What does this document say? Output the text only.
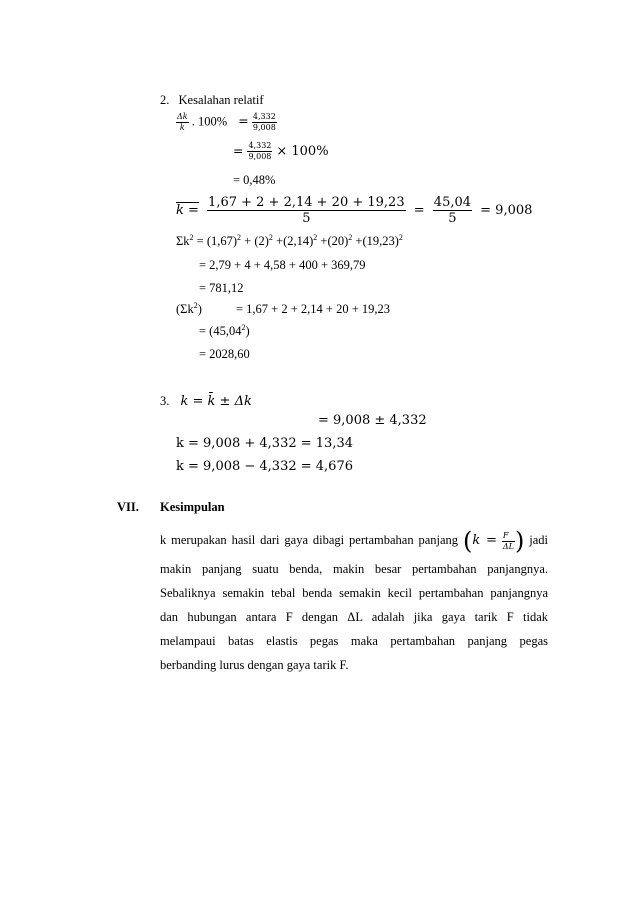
2. Kesalahan relatif
$\frac{\Delta k}{k}$ . $100\% = \frac{4,332}{9,008}$
= $\frac{4,332}{9,008} \times 100\%$
= 0,48%
$k = \frac{1,67 + 2 + 2,14 + 20 + 19,23}{5} = \frac{45,04}{5} = 9,008$
$\Sigma k^2 = (1,67)^2 + (2)^2 +(2,14)^2 +(20)^2 +(19,23)^2$
= 2,79 + 4 + 4,58 + 400 + 369,79
= 781,12
$(\Sigma k^2)$	= 1,67 + 2 + 2,14 + 20 + 19,23
= $(45,04^2)$
= 2028,60
3. k = k̄ ± Δk
= 9,008 ± 4,332
k = 9,008 + 4,332 = 13,34
k = 9,008 − 4,332 = 4,676
VII. Kesimpulan
k merupakan hasil dari gaya dibagi pertambahan panjang ($k = \frac{F}{\Delta L}$ ) jadi
makin panjang suatu benda, makin besar pertambahan panjangnya.
Sebaliknya semakin tebal benda semakin kecil pertambahan panjangnya
dan hubungan antara F dengan ΔL adalah jika gaya tarik F tidak
melampaui batas elastis pegas maka pertambahan panjang pegas
berbanding lurus dengan gaya tarik F.
